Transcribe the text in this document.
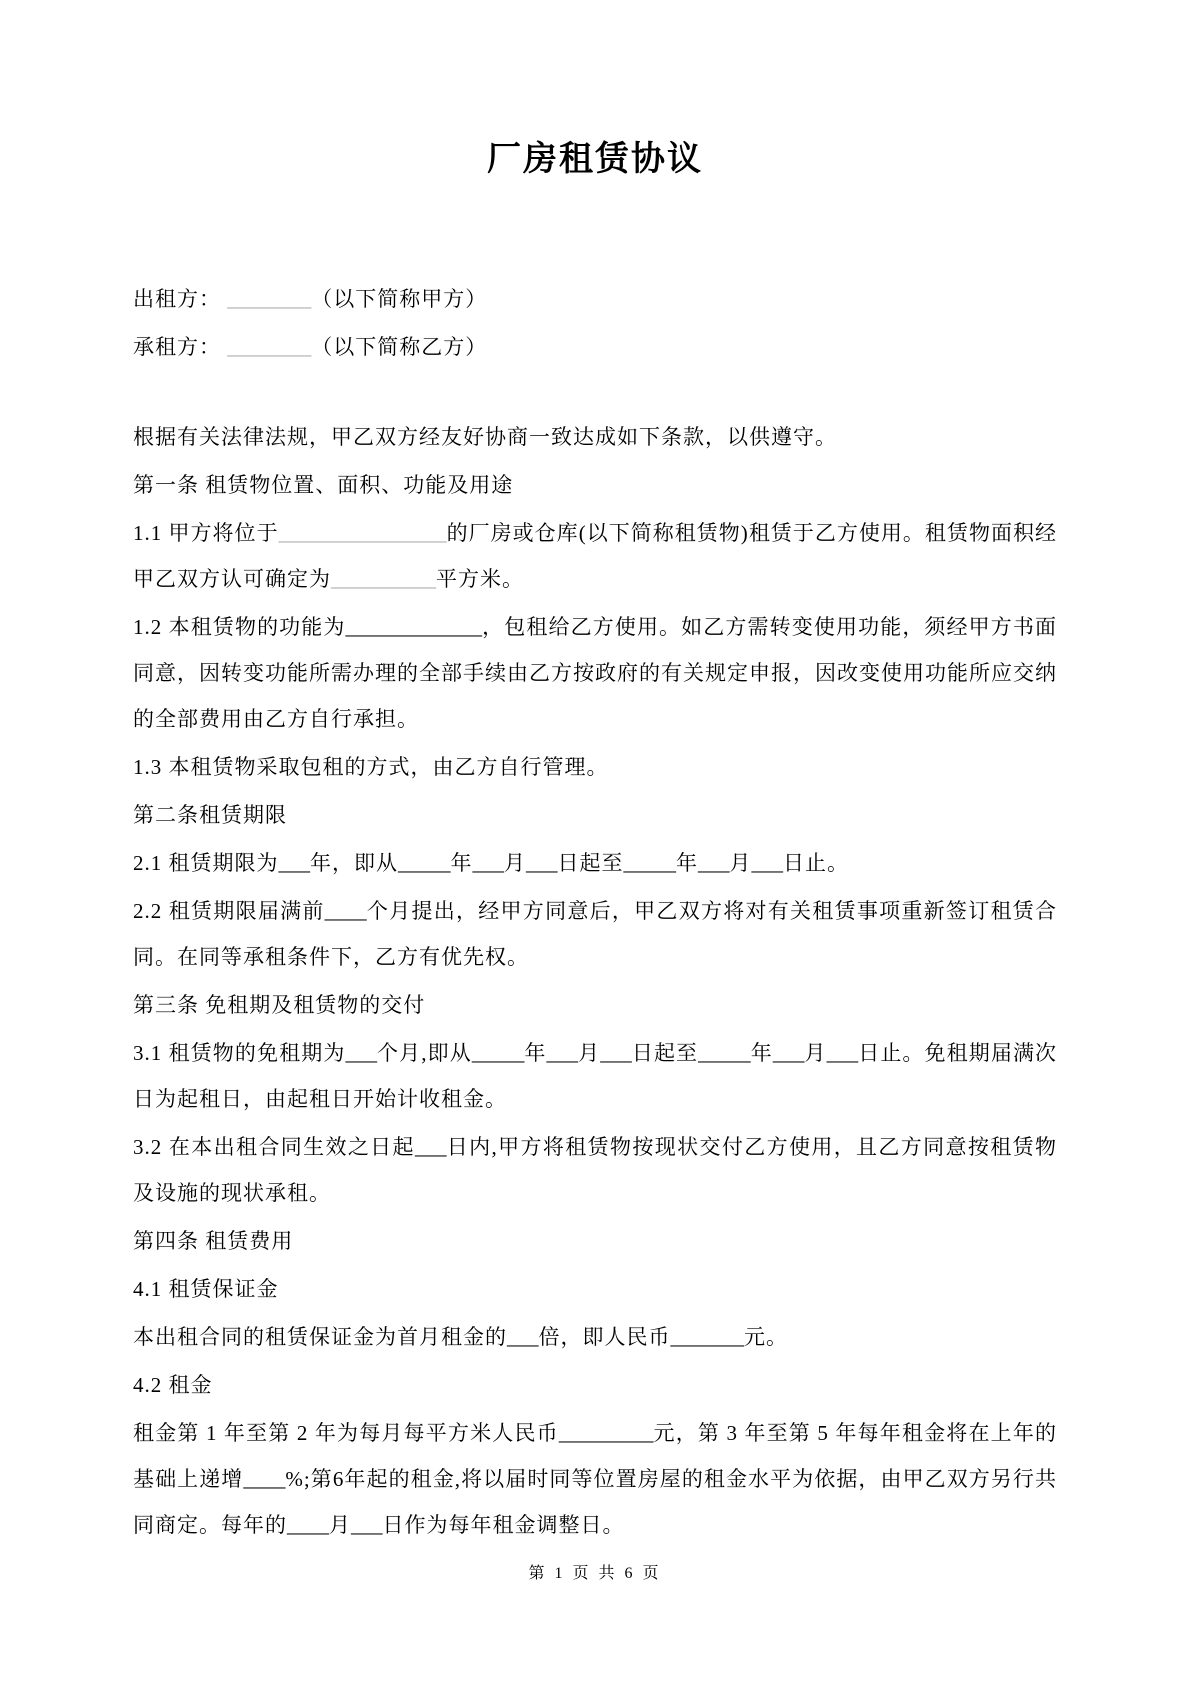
厂房租赁协议

出租方： ________（以下简称甲方）

承租方： ________（以下简称乙方）

根据有关法律法规，甲乙双方经友好协商一致达成如下条款，以供遵守。

第一条 租赁物位置、面积、功能及用途

1.1 甲方将位于________________的厂房或仓库(以下简称租赁物)租赁于乙方使用。租赁物面积经甲乙双方认可确定为__________平方米。

1.2 本租赁物的功能为_____________，包租给乙方使用。如乙方需转变使用功能，须经甲方书面同意，因转变功能所需办理的全部手续由乙方按政府的有关规定申报，因改变使用功能所应交纳的全部费用由乙方自行承担。

1.3 本租赁物采取包租的方式，由乙方自行管理。

第二条租赁期限

2.1 租赁期限为___年，即从_____年___月___日起至_____年___月___日止。

2.2 租赁期限届满前____个月提出，经甲方同意后，甲乙双方将对有关租赁事项重新签订租赁合同。在同等承租条件下，乙方有优先权。

第三条 免租期及租赁物的交付

3.1 租赁物的免租期为___个月,即从_____年___月___日起至_____年___月___日止。免租期届满次日为起租日，由起租日开始计收租金。

3.2 在本出租合同生效之日起___日内,甲方将租赁物按现状交付乙方使用，且乙方同意按租赁物及设施的现状承租。

第四条 租赁费用

4.1 租赁保证金

本出租合同的租赁保证金为首月租金的___倍，即人民币_______元。

4.2 租金

租金第 1 年至第 2 年为每月每平方米人民币_________元，第 3 年至第 5 年每年租金将在上年的基础上递增____%;第6年起的租金,将以届时同等位置房屋的租金水平为依据，由甲乙双方另行共同商定。每年的____月___日作为每年租金调整日。

第 1 页 共 6 页
